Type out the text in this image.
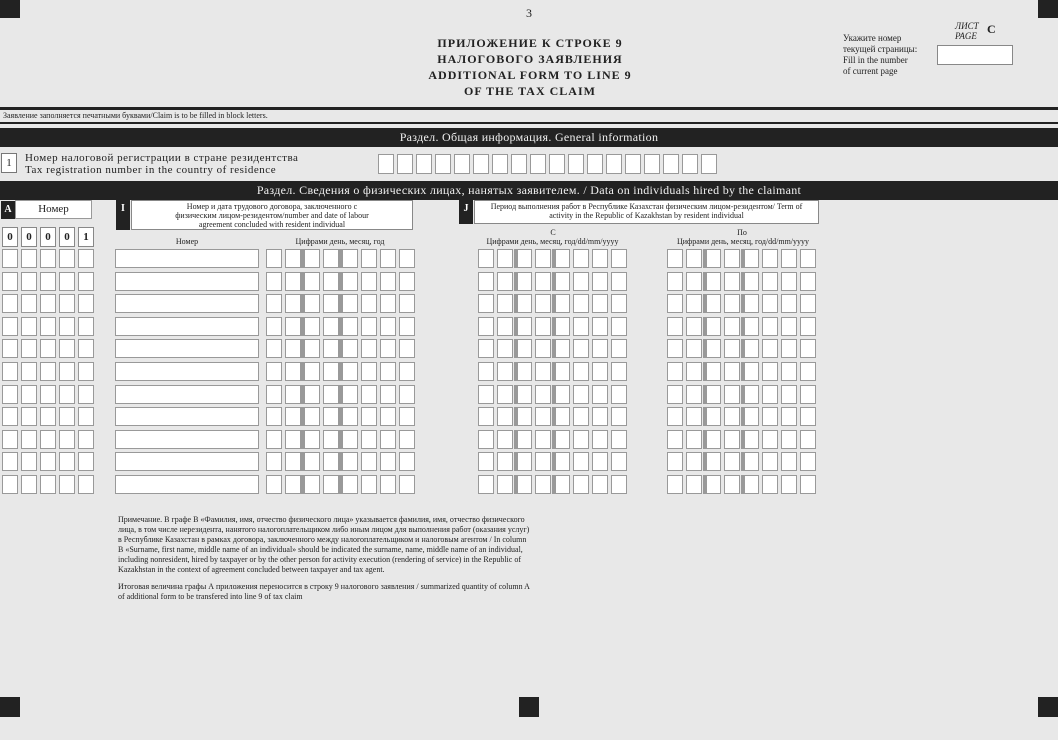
3
ПРИЛОЖЕНИЕ К СТРОКЕ 9
НАЛОГОВОГО ЗАЯВЛЕНИЯ
ADDITIONAL FORM TO LINE 9
OF THE TAX CLAIM
Укажите номер
текущей страницы:
Fill in the number
of current page
ЛИСТ
PAGE С
Заявление заполняется печатными буквами/Claim is to be filled in block letters.
Раздел. Общая информация. General information
1	Номер налоговой регистрации в стране резидентства
Tax registration number in the country of residence
Раздел. Сведения о физических лицах, нанятых заявителем. / Data on individuals hired by the claimant
A	Номер
0	0	0	0	1
I	Номер и дата трудового договора, заключенного с физическим лицом-резидентом/number and date of labour agreement concluded with resident individual
Номер	Цифрами день, месяц, год
J	Период выполнения работ в Республике Казахстан физическим лицом-резидентом/ Term of activity in the Republic of Kazakhstan by resident individual
С
Цифрами день, месяц, год/dd/mm/yyyy
По
Цифрами день, месяц, год/dd/mm/yyyy

Примечание. В графе В «Фамилия, имя, отчество физического лица» указывается фамилия, имя, отчество физического лица, в том числе нерезидента, нанятого налогоплательщиком либо иным лицом для выполнения работ (оказания услуг) в Республике Казахстан в рамках договора, заключенного между налогоплательщиком и налоговым агентом / In column B «Surname, first name, middle name of an individual» should be indicated the surname, name, middle name of an individual, including nonresident, hired by taxpayer or by the other person for activity execution (rendering of service) in the Republic of Kazakhstan in the context of agreement concluded between taxpayer and tax agent.

Итоговая величина графы А приложения переносится в строку 9 налогового заявления / summarized quantity of column A of additional form to be transfered into line 9 of tax claim
